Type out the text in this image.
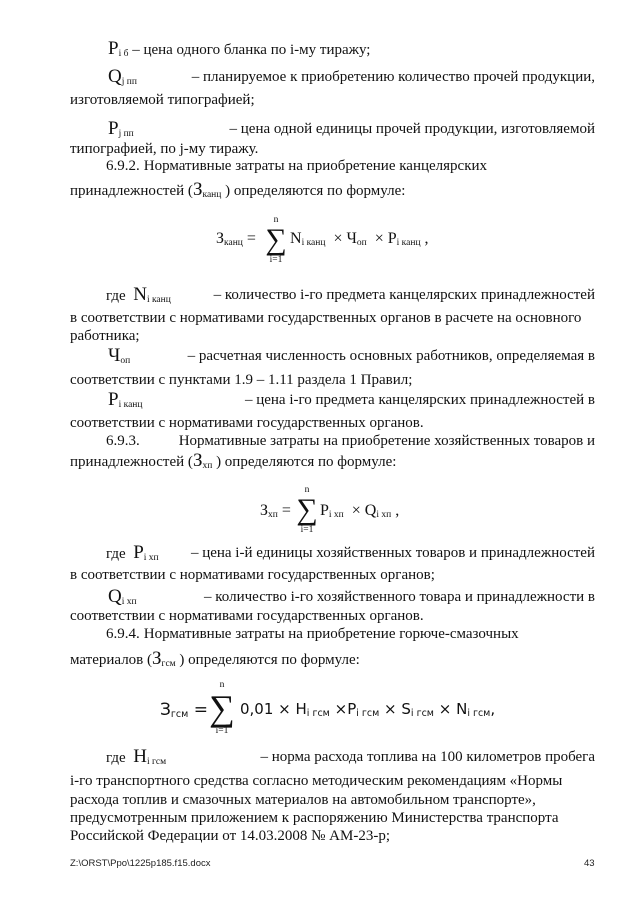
Pi б – цена одного бланка по i-му тиражу;
Qj пп	– планируемое к приобретению количество прочей продукции,
изготовляемой типографией;
Pj пп	– цена одной единицы прочей продукции, изготовляемой
типографией, по j-му тиражу.
6.9.2. Нормативные затраты на приобретение канцелярских
принадлежностей (Зканц ) определяются по формуле:
Зканц =
n
∑
i=1
Ni канц  × Чоп  × Pi канц ,
где Ni канц	– количество i-го предмета канцелярских принадлежностей
в соответствии с нормативами государственных органов в расчете на основного
работника;
Чоп	– расчетная численность основных работников, определяемая в
соответствии с пунктами 1.9 – 1.11 раздела 1 Правил;
Pi канц	– цена i-го предмета канцелярских принадлежностей в
соответствии с нормативами государственных органов.
6.9.3.	Нормативные затраты на приобретение хозяйственных товаров и
принадлежностей (Зхп ) определяются по формуле:
Зхп =
n
∑
i=1
Pi хп  × Qi хп ,
где Pi хп – цена i-й единицы хозяйственных товаров и принадлежностей
в соответствии с нормативами государственных органов;
Qi хп	– количество i-го хозяйственного товара и принадлежности в
соответствии с нормативами государственных органов.
6.9.4. Нормативные затраты на приобретение горюче-смазочных
материалов (Згсм ) определяются по формуле:
Згсм =
n
∑
i=1
0,01 × Нi гсм ×Pi гсм × Si гсм × Ni гсм,
где Нi гсм	– норма расхода топлива на 100 километров пробега
i-го транспортного средства согласно методическим рекомендациям «Нормы
расхода топлив и смазочных материалов на автомобильном транспорте»,
предусмотренным приложением к распоряжению Министерства транспорта
Российской Федерации от 14.03.2008 № АМ-23-р;
Z:\ORST\Ppo\1225p185.f15.docx	43
